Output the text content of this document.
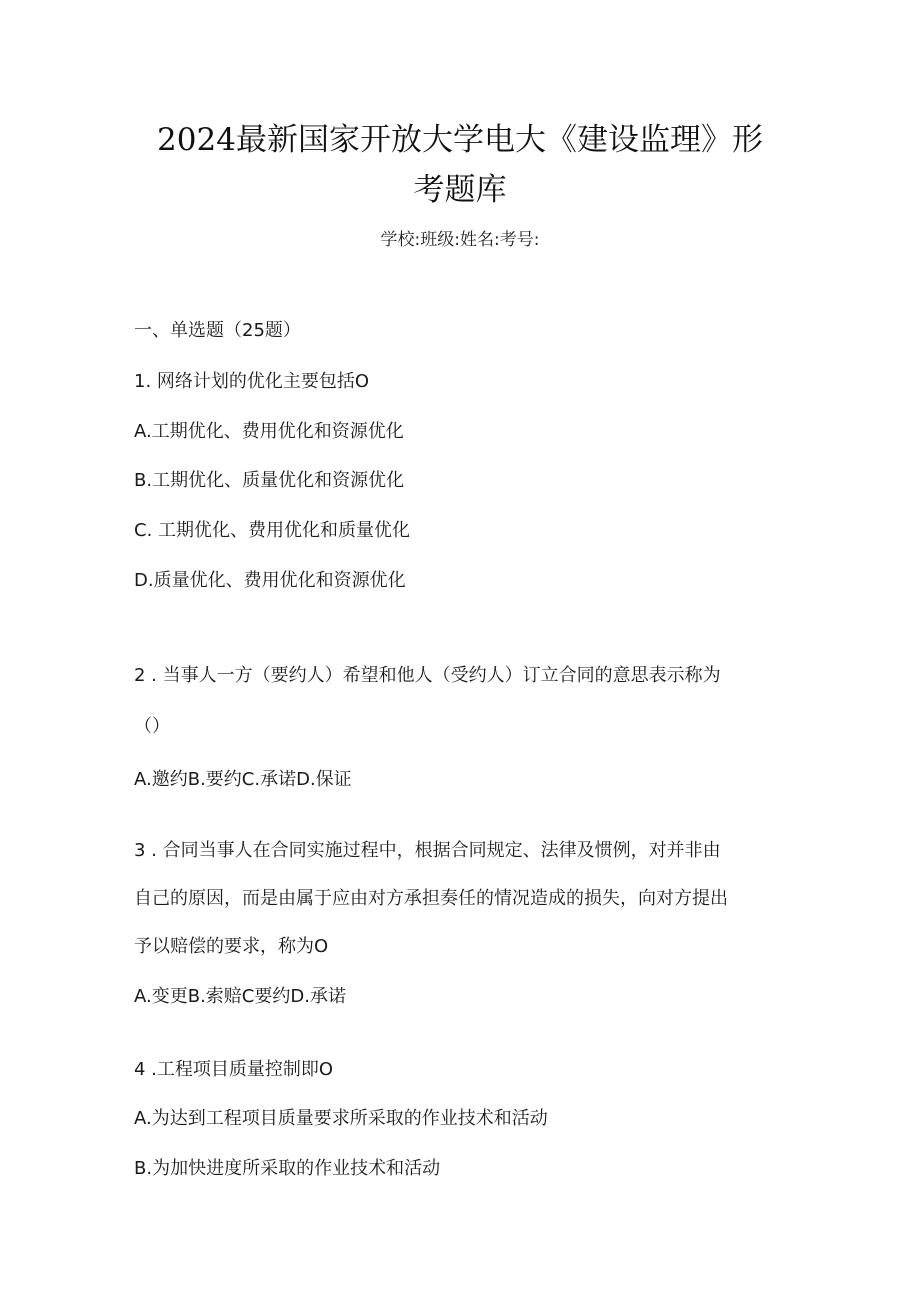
2024最新国家开放大学电大《建设监理》形
考题库
学校:班级:姓名:考号:
一、单选题（25题）
1. 网络计划的优化主要包括O
A.工期优化、费用优化和资源优化
B.工期优化、质量优化和资源优化
C. 工期优化、费用优化和质量优化
D.质量优化、费用优化和资源优化
2 . 当事人一方（要约人）希望和他人（受约人）订立合同的意思表示称为
（）
A.邀约B.要约C.承诺D.保证
3 . 合同当事人在合同实施过程中，根据合同规定、法律及惯例，对并非由
自己的原因，而是由属于应由对方承担奏任的情况造成的损失，向对方提出
予以赔偿的要求，称为O
A.变更B.索赔C要约D.承诺
4 .工程项目质量控制即O
A.为达到工程项目质量要求所采取的作业技术和活动
B.为加快进度所采取的作业技术和活动
